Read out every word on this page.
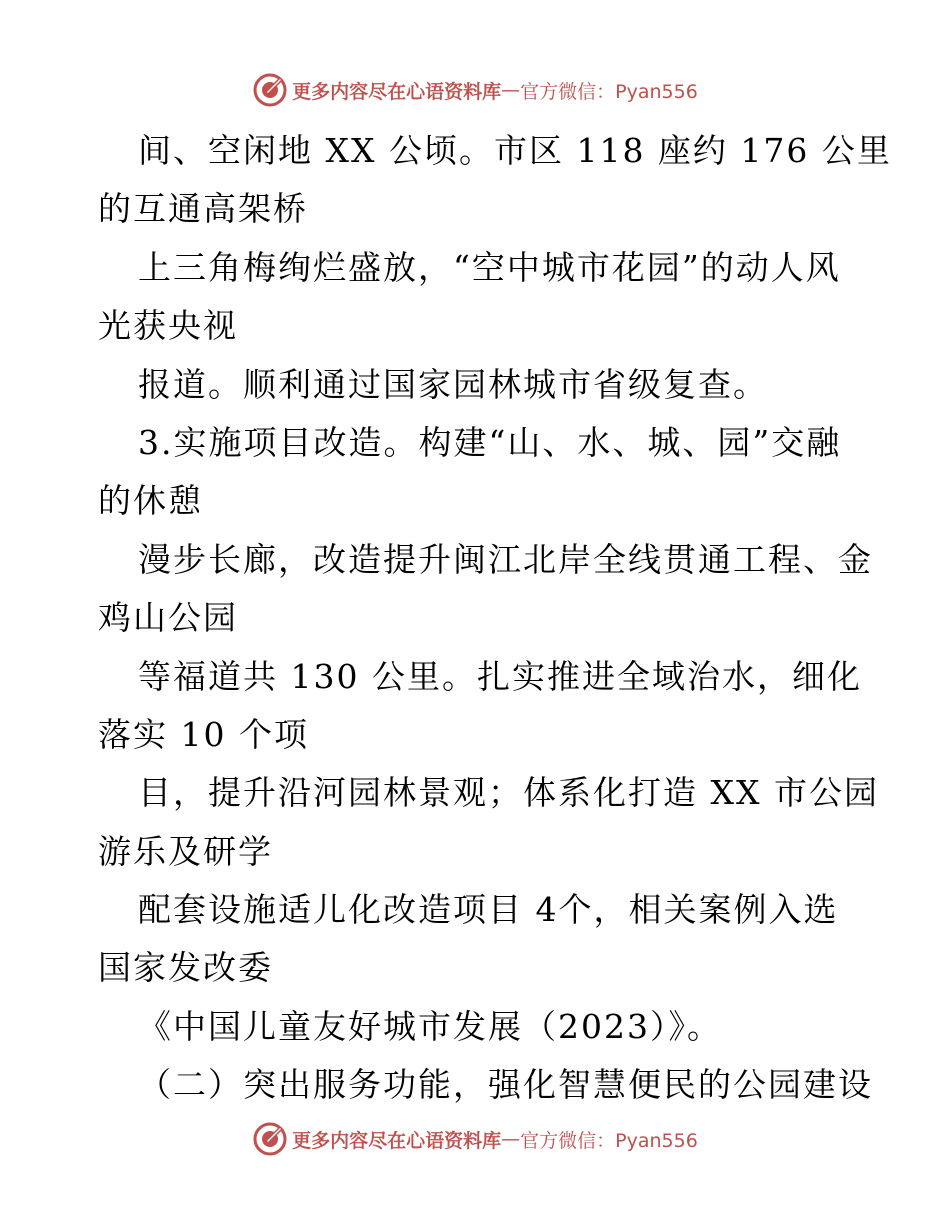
更多内容尽在心语资料库 — 官方微信：Pyan556
间、空闲地 XX 公顷。市区 118 座约 176 公里
的互通高架桥
上三角梅绚烂盛放，“空中城市花园”的动人风
光获央视
报道。顺利通过国家园林城市省级复查。
3.实施项目改造。构建“山、水、城、园”交融
的休憩
漫步长廊，改造提升闽江北岸全线贯通工程、金
鸡山公园
等福道共 130 公里。扎实推进全域治水，细化
落实 10 个项
目，提升沿河园林景观；体系化打造 XX 市公园
游乐及研学
配套设施适儿化改造项目 4个，相关案例入选
国家发改委
《中国儿童友好城市发展（2023）》。
（二）突出服务功能，强化智慧便民的公园建设
更多内容尽在心语资料库 — 官方微信：Pyan556
